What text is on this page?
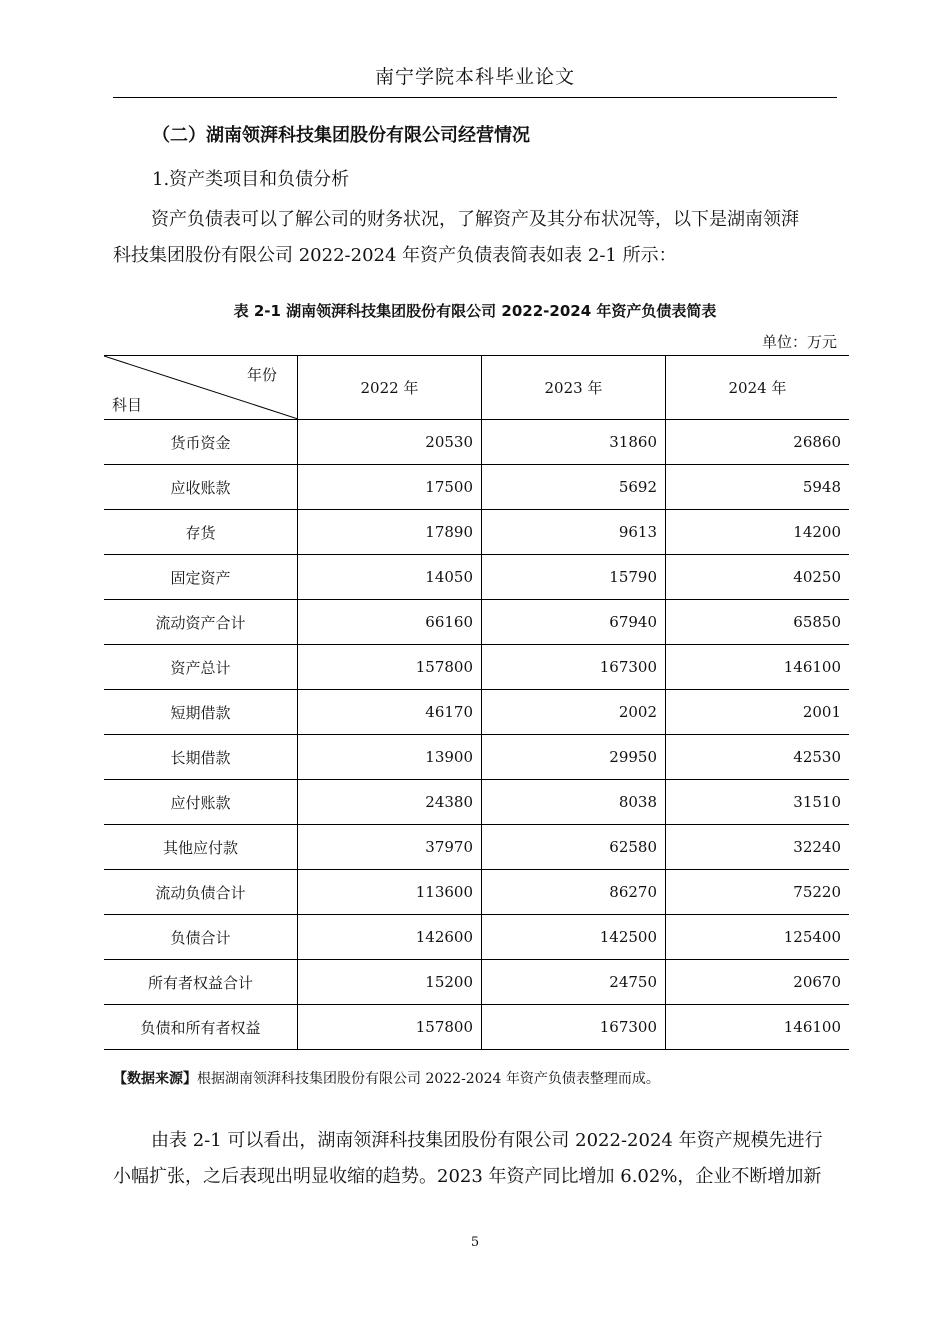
南宁学院本科毕业论文
（二）湖南领湃科技集团股份有限公司经营情况
1.资产类项目和负债分析
资产负债表可以了解公司的财务状况，了解资产及其分布状况等，以下是湖南领湃
科技集团股份有限公司 2022-2024 年资产负债表简表如表 2-1 所示：
表 2-1 湖南领湃科技集团股份有限公司 2022-2024 年资产负债表简表
单位：万元
年份
科目	2022 年	2023 年	2024 年
货币资金	20530	31860	26860
应收账款	17500	5692	5948
存货	17890	9613	14200
固定资产	14050	15790	40250
流动资产合计	66160	67940	65850
资产总计	157800	167300	146100
短期借款	46170	2002	2001
长期借款	13900	29950	42530
应付账款	24380	8038	31510
其他应付款	37970	62580	32240
流动负债合计	113600	86270	75220
负债合计	142600	142500	125400
所有者权益合计	15200	24750	20670
负债和所有者权益	157800	167300	146100
【数据来源】根据湖南领湃科技集团股份有限公司 2022-2024 年资产负债表整理而成。
由表 2-1 可以看出，湖南领湃科技集团股份有限公司 2022-2024 年资产规模先进行
小幅扩张，之后表现出明显收缩的趋势。2023 年资产同比增加 6.02%，企业不断增加新
5
